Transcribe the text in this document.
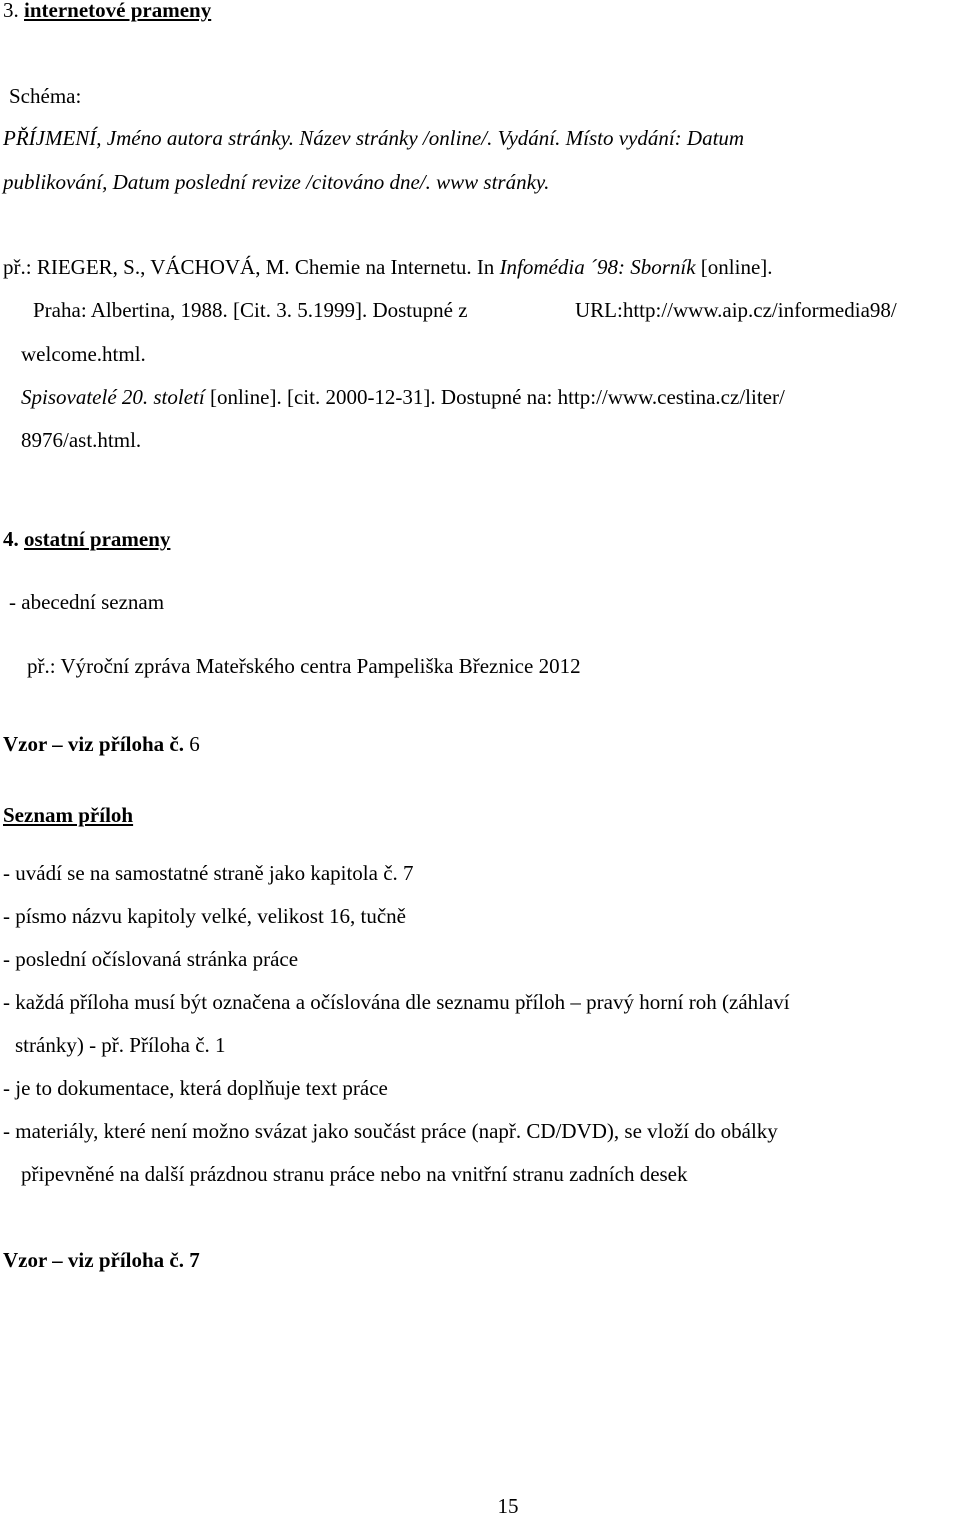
3. internetové prameny
Schéma:
PŘÍJMENÍ, Jméno autora stránky. Název stránky /online/. Vydání. Místo vydání: Datum
publikování, Datum poslední revize /citováno dne/. www stránky.
př.: RIEGER, S., VÁCHOVÁ, M. Chemie na Internetu. In Infomédia ´98: Sborník [online].
Praha: Albertina, 1988. [Cit. 3. 5.1999]. Dostupné z	URL:http://www.aip.cz/informedia98/
welcome.html.
Spisovatelé 20. století [online]. [cit. 2000-12-31]. Dostupné na: http://www.cestina.cz/liter/
8976/ast.html.
4. ostatní prameny
- abecední seznam
př.: Výroční zpráva Mateřského centra Pampeliška Březnice 2012
Vzor – viz příloha č. 6
Seznam příloh
- uvádí se na samostatné straně jako kapitola č. 7
- písmo názvu kapitoly velké, velikost 16, tučně
- poslední očíslovaná stránka práce
- každá příloha musí být označena a očíslována dle seznamu příloh – pravý horní roh (záhlaví
stránky) - př. Příloha č. 1
- je to dokumentace, která doplňuje text práce
- materiály, které není možno svázat jako součást práce (např. CD/DVD), se vloží do obálky
připevněné na další prázdnou stranu práce nebo na vnitřní stranu zadních desek
Vzor – viz příloha č. 7
15
